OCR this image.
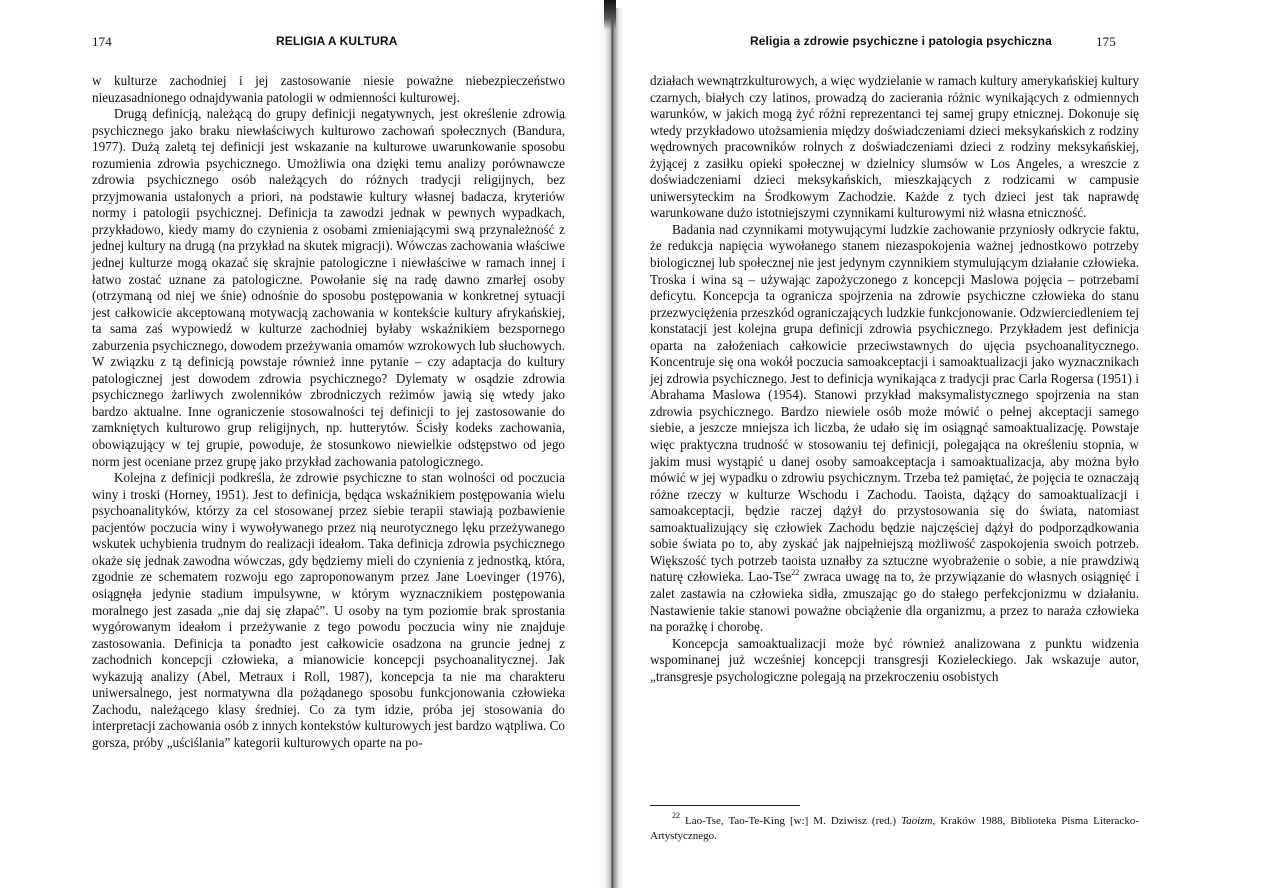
174	RELIGIA A KULTURA

w kulturze zachodniej i jej zastosowanie niesie poważne niebezpieczeństwo nieuzasadnionego odnajdywania patologii w odmienności kulturowej.

Drugą definicją, należącą do grupy definicji negatywnych, jest określenie zdrowia psychicznego jako braku niewłaściwych kulturowo zachowań społecznych (Bandura, 1977). Dużą zaletą tej definicji jest wskazanie na kulturowe uwarunkowanie sposobu rozumienia zdrowia psychicznego. Umożliwia ona dzięki temu analizy porównawcze zdrowia psychicznego osób należących do różnych tradycji religijnych, bez przyjmowania ustalonych a priori, na podstawie kultury własnej badacza, kryteriów normy i patologii psychicznej. Definicja ta zawodzi jednak w pewnych wypadkach, przykładowo, kiedy mamy do czynienia z osobami zmieniającymi swą przynależność z jednej kultury na drugą (na przykład na skutek migracji). Wówczas zachowania właściwe jednej kulturze mogą okazać się skrajnie patologiczne i niewłaściwe w ramach innej i łatwo zostać uznane za patologiczne. Powołanie się na radę dawno zmarłej osoby (otrzymaną od niej we śnie) odnośnie do sposobu postępowania w konkretnej sytuacji jest całkowicie akceptowaną motywacją zachowania w kontekście kultury afrykańskiej, ta sama zaś wypowiedź w kulturze zachodniej byłaby wskaźnikiem bezspornego zaburzenia psychicznego, dowodem przeżywania omamów wzrokowych lub słuchowych. W związku z tą definicją powstaje również inne pytanie – czy adaptacja do kultury patologicznej jest dowodem zdrowia psychicznego? Dylematy w osądzie zdrowia psychicznego żarliwych zwolenników zbrodniczych reżimów jawią się wtedy jako bardzo aktualne. Inne ograniczenie stosowalności tej definicji to jej zastosowanie do zamkniętych kulturowo grup religijnych, np. hutterytów. Ścisły kodeks zachowania, obowiązujący w tej grupie, powoduje, że stosunkowo niewielkie odstępstwo od jego norm jest oceniane przez grupę jako przykład zachowania patologicznego.

Kolejna z definicji podkreśla, że zdrowie psychiczne to stan wolności od poczucia winy i troski (Horney, 1951). Jest to definicja, będąca wskaźnikiem postępowania wielu psychoanalityków, którzy za cel stosowanej przez siebie terapii stawiają pozbawienie pacjentów poczucia winy i wywoływanego przez nią neurotycznego lęku przeżywanego wskutek uchybienia trudnym do realizacji ideałom. Taka definicja zdrowia psychicznego okaże się jednak zawodna wówczas, gdy będziemy mieli do czynienia z jednostką, która, zgodnie ze schematem rozwoju ego zaproponowanym przez Jane Loevinger (1976), osiągnęła jedynie stadium impulsywne, w którym wyznacznikiem postępowania moralnego jest zasada „nie daj się złapać”. U osoby na tym poziomie brak sprostania wygórowanym ideałom i przeżywanie z tego powodu poczucia winy nie znajduje zastosowania. Definicja ta ponadto jest całkowicie osadzona na gruncie jednej z zachodnich koncepcji człowieka, a mianowicie koncepcji psychoanalitycznej. Jak wykazują analizy (Abel, Metraux i Roll, 1987), koncepcja ta nie ma charakteru uniwersalnego, jest normatywna dla pożądanego sposobu funkcjonowania człowieka Zachodu, należącego klasy średniej. Co za tym idzie, próba jej stosowania do interpretacji zachowania osób z innych kontekstów kulturowych jest bardzo wątpliwa. Co gorsza, próby „uściślania” kategorii kulturowych oparte na po-

Religia a zdrowie psychiczne i patologia psychiczna	175

działach wewnątrzkulturowych, a więc wydzielanie w ramach kultury amerykańskiej kultury czarnych, białych czy latinos, prowadzą do zacierania różnic wynikających z odmiennych warunków, w jakich mogą żyć różni reprezentanci tej samej grupy etnicznej. Dokonuje się wtedy przykładowo utożsamienia między doświadczeniami dzieci meksykańskich z rodziny wędrownych pracowników rolnych z doświadczeniami dzieci z rodziny meksykańskiej, żyjącej z zasiłku opieki społecznej w dzielnicy slumsów w Los Angeles, a wreszcie z doświadczeniami dzieci meksykańskich, mieszkających z rodzicami w campusie uniwersyteckim na Środkowym Zachodzie. Każde z tych dzieci jest tak naprawdę warunkowane dużo istotniejszymi czynnikami kulturowymi niż własna etniczność.

Badania nad czynnikami motywującymi ludzkie zachowanie przyniosły odkrycie faktu, że redukcja napięcia wywołanego stanem niezaspokojenia ważnej jednostkowo potrzeby biologicznej lub społecznej nie jest jedynym czynnikiem stymulującym działanie człowieka. Troska i wina są – używając zapożyczonego z koncepcji Maslowa pojęcia – potrzebami deficytu. Koncepcja ta ogranicza spojrzenia na zdrowie psychiczne człowieka do stanu przezwyciężenia przeszkód ograniczających ludzkie funkcjonowanie. Odzwierciedleniem tej konstatacji jest kolejna grupa definicji zdrowia psychicznego. Przykładem jest definicja oparta na założeniach całkowicie przeciwstawnych do ujęcia psychoanalitycznego. Koncentruje się ona wokół poczucia samoakceptacji i samoaktualizacji jako wyznacznikach jej zdrowia psychicznego. Jest to definicja wynikająca z tradycji prac Carla Rogersa (1951) i Abrahama Maslowa (1954). Stanowi przykład maksymalistycznego spojrzenia na stan zdrowia psychicznego. Bardzo niewiele osób może mówić o pełnej akceptacji samego siebie, a jeszcze mniejsza ich liczba, że udało się im osiągnąć samoaktualizację. Powstaje więc praktyczna trudność w stosowaniu tej definicji, polegająca na określeniu stopnia, w jakim musi wystąpić u danej osoby samoakceptacja i samoaktualizacja, aby można było mówić w jej wypadku o zdrowiu psychicznym. Trzeba też pamiętać, że pojęcia te oznaczają różne rzeczy w kulturze Wschodu i Zachodu. Taoista, dążący do samoaktualizacji i samoakceptacji, będzie raczej dążył do przystosowania się do świata, natomiast samoaktualizujący się człowiek Zachodu będzie najczęściej dążył do podporządkowania sobie świata po to, aby zyskać jak najpełniejszą możliwość zaspokojenia swoich potrzeb. Większość tych potrzeb taoista uznałby za sztuczne wyobrażenie o sobie, a nie prawdziwą naturę człowieka. Lao-Tse$^{22}$ zwraca uwagę na to, że przywiązanie do własnych osiągnięć i zalet zastawia na człowieka sidła, zmuszając go do stałego perfekcjonizmu w działaniu. Nastawienie takie stanowi poważne obciążenie dla organizmu, a przez to naraża człowieka na porażkę i chorobę.

Koncepcja samoaktualizacji może być również analizowana z punktu widzenia wspominanej już wcześniej koncepcji transgresji Kozieleckiego. Jak wskazuje autor, „transgresje psychologiczne polegają na przekroczeniu osobistych

$^{22}$ Lao-Tse, Tao-Te-King [w:] M. Dziwisz (red.) Taoizm, Kraków 1988, Biblioteka Pisma Literacko-Artystycznego.
